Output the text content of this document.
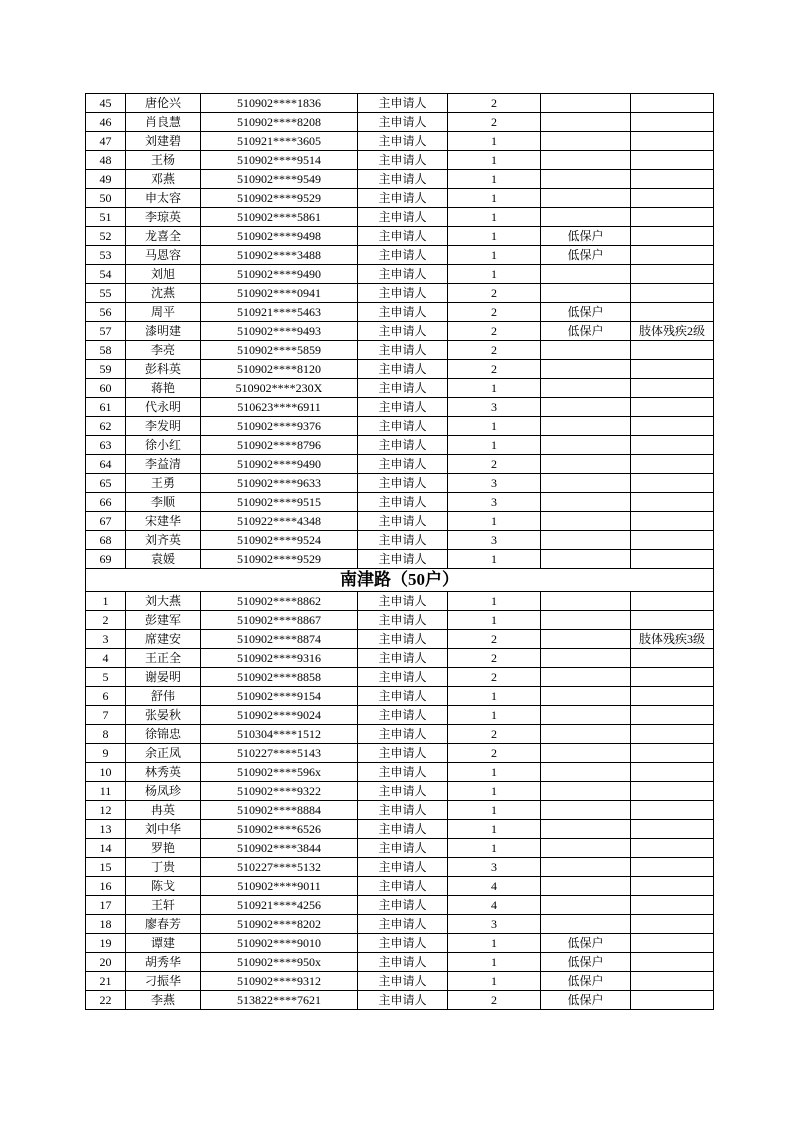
45	唐伦兴	510902****1836	主申请人	2		
46	肖良慧	510902****8208	主申请人	2		
47	刘建碧	510921****3605	主申请人	1		
48	王杨	510902****9514	主申请人	1		
49	邓燕	510902****9549	主申请人	1		
50	申太容	510902****9529	主申请人	1		
51	李琼英	510902****5861	主申请人	1		
52	龙喜全	510902****9498	主申请人	1	低保户	
53	马恩容	510902****3488	主申请人	1	低保户	
54	刘旭	510902****9490	主申请人	1		
55	沈燕	510902****0941	主申请人	2		
56	周平	510921****5463	主申请人	2	低保户	
57	漆明建	510902****9493	主申请人	2	低保户	肢体残疾2级
58	李亮	510902****5859	主申请人	2		
59	彭科英	510902****8120	主申请人	2		
60	蒋艳	510902****230X	主申请人	1		
61	代永明	510623****6911	主申请人	3		
62	李发明	510902****9376	主申请人	1		
63	徐小红	510902****8796	主申请人	1		
64	李益清	510902****9490	主申请人	2		
65	王勇	510902****9633	主申请人	3		
66	李顺	510902****9515	主申请人	3		
67	宋建华	510922****4348	主申请人	1		
68	刘齐英	510902****9524	主申请人	3		
69	袁媛	510902****9529	主申请人	1		
南津路（50户）						
1	刘大燕	510902****8862	主申请人	1		
2	彭建军	510902****8867	主申请人	1		
3	席建安	510902****8874	主申请人	2		肢体残疾3级
4	王正全	510902****9316	主申请人	2		
5	谢晏明	510902****8858	主申请人	2		
6	舒伟	510902****9154	主申请人	1		
7	张晏秋	510902****9024	主申请人	1		
8	徐锦忠	510304****1512	主申请人	2		
9	余正凤	510227****5143	主申请人	2		
10	林秀英	510902****596x	主申请人	1		
11	杨凤珍	510902****9322	主申请人	1		
12	冉英	510902****8884	主申请人	1		
13	刘中华	510902****6526	主申请人	1		
14	罗艳	510902****3844	主申请人	1		
15	丁贵	510227****5132	主申请人	3		
16	陈戈	510902****9011	主申请人	4		
17	王轩	510921****4256	主申请人	4		
18	廖春芳	510902****8202	主申请人	3		
19	谭建	510902****9010	主申请人	1	低保户	
20	胡秀华	510902****950x	主申请人	1	低保户	
21	刁振华	510902****9312	主申请人	1	低保户	
22	李燕	513822****7621	主申请人	2	低保户	
